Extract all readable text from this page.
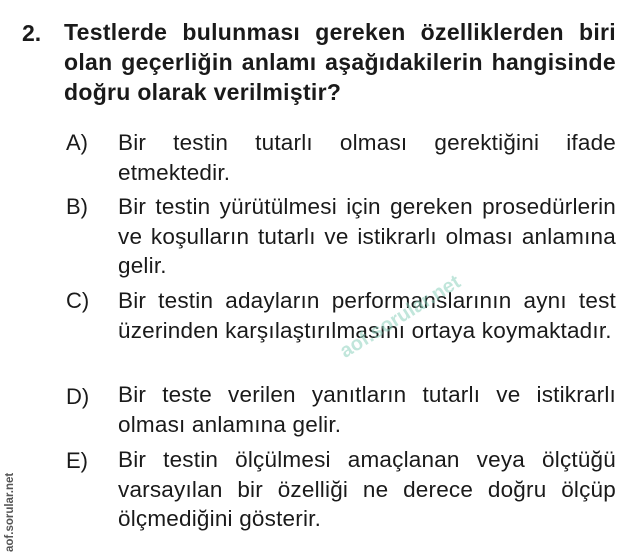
2. Testlerde bulunması gereken özelliklerden biri olan geçerliğin anlamı aşağıdakilerin hangisinde doğru olarak verilmiştir?
A) Bir testin tutarlı olması gerektiğini ifade etmektedir.
B) Bir testin yürütülmesi için gereken prosedürlerin ve koşulların tutarlı ve istikrarlı olması anlamına gelir.
C) Bir testin adayların performanslarının aynı test üzerinden karşılaştırılmasını ortaya koymaktadır.
D) Bir teste verilen yanıtların tutarlı ve istikrarlı olması anlamına gelir.
E) Bir testin ölçülmesi amaçlanan veya ölçtüğü varsayılan bir özelliği ne derece doğru ölçüp ölçmediğini gösterir.
aof.sorular.net
aof.sorular.net
